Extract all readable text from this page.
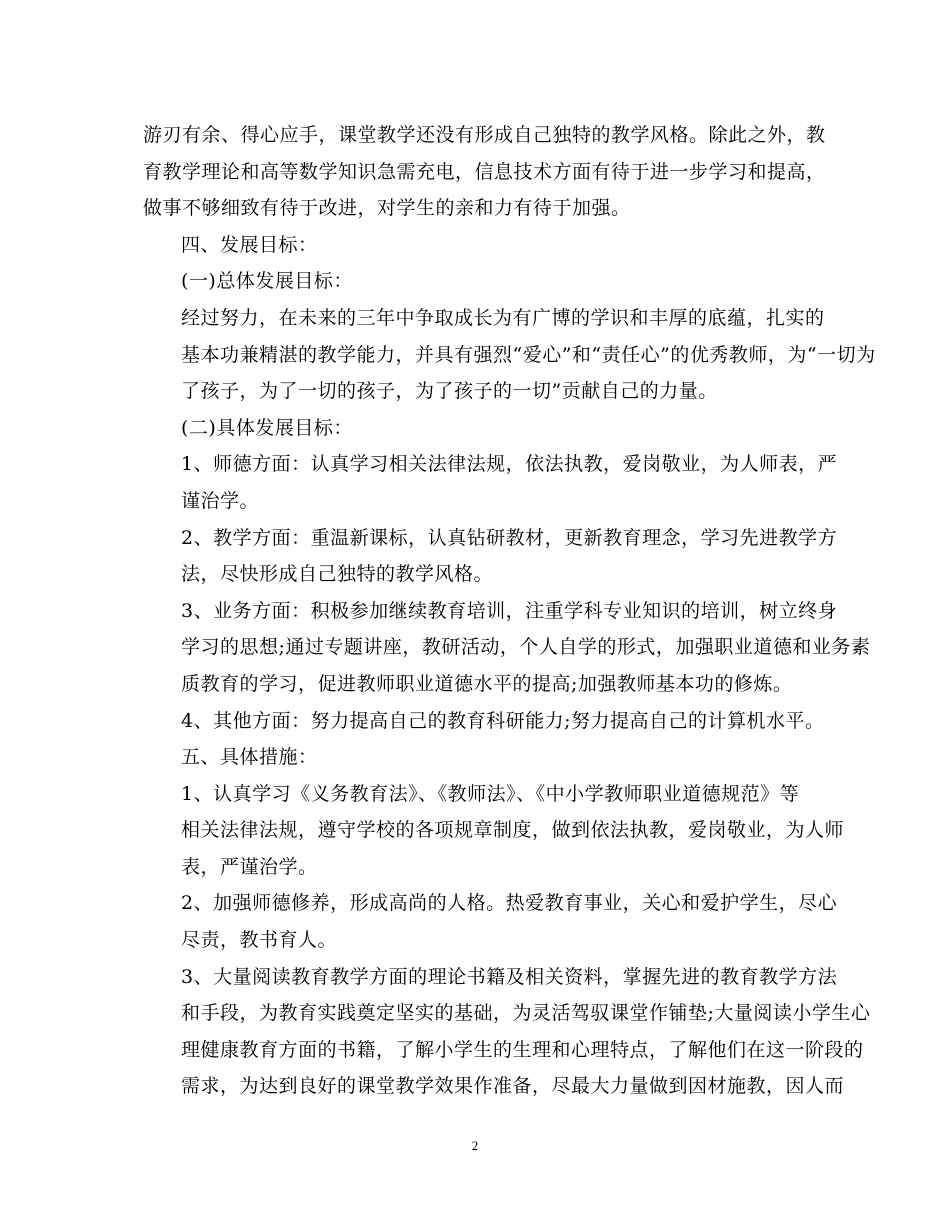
游刃有余、得心应手，课堂教学还没有形成自己独特的教学风格。除此之外，教
育教学理论和高等数学知识急需充电，信息技术方面有待于进一步学习和提高，
做事不够细致有待于改进，对学生的亲和力有待于加强。

四、发展目标：

(一)总体发展目标：

经过努力，在未来的三年中争取成长为有广博的学识和丰厚的底蕴，扎实的
基本功兼精湛的教学能力，并具有强烈“爱心”和“责任心”的优秀教师，为“一切为
了孩子，为了一切的孩子，为了孩子的一切”贡献自己的力量。

(二)具体发展目标：

1、师德方面：认真学习相关法律法规，依法执教，爱岗敬业，为人师表，严
谨治学。

2、教学方面：重温新课标，认真钻研教材，更新教育理念，学习先进教学方
法，尽快形成自己独特的教学风格。

3、业务方面：积极参加继续教育培训，注重学科专业知识的培训，树立终身
学习的思想;通过专题讲座，教研活动，个人自学的形式，加强职业道德和业务素
质教育的学习，促进教师职业道德水平的提高;加强教师基本功的修炼。

4、其他方面：努力提高自己的教育科研能力;努力提高自己的计算机水平。

五、具体措施：

1、认真学习《义务教育法》、《教师法》、《中小学教师职业道德规范》等
相关法律法规，遵守学校的各项规章制度，做到依法执教，爱岗敬业，为人师
表，严谨治学。

2、加强师德修养，形成高尚的人格。热爱教育事业，关心和爱护学生，尽心
尽责，教书育人。

3、大量阅读教育教学方面的理论书籍及相关资料，掌握先进的教育教学方法
和手段，为教育实践奠定坚实的基础，为灵活驾驭课堂作铺垫;大量阅读小学生心
理健康教育方面的书籍，了解小学生的生理和心理特点，了解他们在这一阶段的
需求，为达到良好的课堂教学效果作准备，尽最大力量做到因材施教，因人而

2
